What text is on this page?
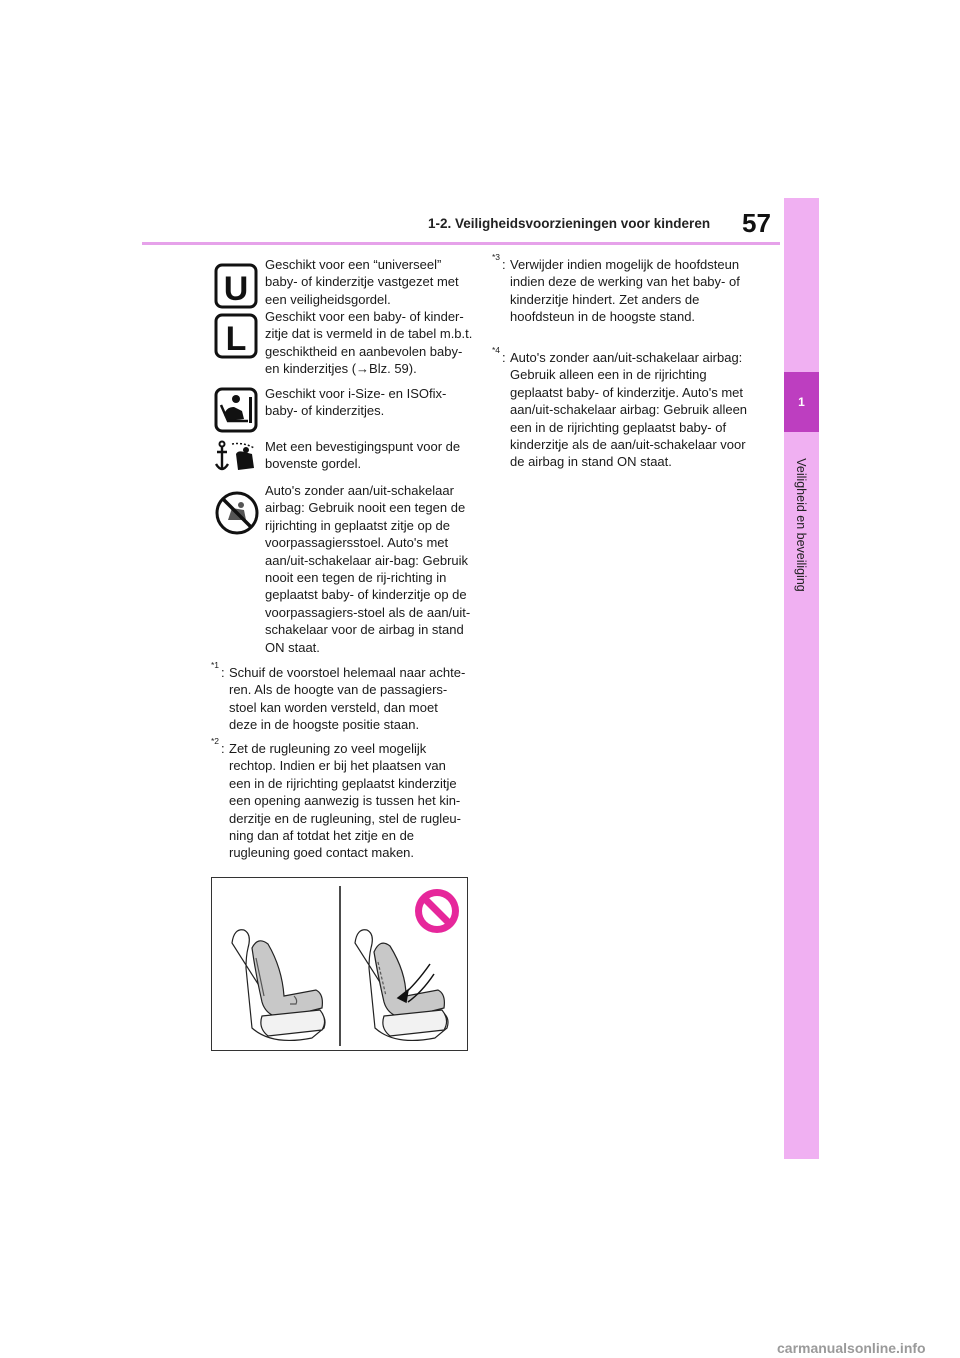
1-2. Veiligheidsvoorzieningen voor kinderen 57
1
Veiligheid en beveiliging
U
L
Geschikt voor een “universeel” baby- of kinderzitje vastgezet met een veiligheidsgordel.
Geschikt voor een baby- of kinder-zitje dat is vermeld in de tabel m.b.t. geschiktheid en aanbevolen baby- en kinderzitjes (→Blz. 59).
Geschikt voor i-Size- en ISOfix-baby- of kinderzitjes.
Met een bevestigingspunt voor de bovenste gordel.
Auto's zonder aan/uit-schakelaar airbag: Gebruik nooit een tegen de rijrichting in geplaatst zitje op de voorpassagiersstoel. Auto's met aan/uit-schakelaar air-bag: Gebruik nooit een tegen de rij-richting in geplaatst baby- of kinderzitje op de voorpassagiers-stoel als de aan/uit-schakelaar voor de airbag in stand ON staat.
*1 : Schuif de voorstoel helemaal naar achte-ren. Als de hoogte van de passagiers-stoel kan worden versteld, dan moet deze in de hoogste positie staan.
*2 : Zet de rugleuning zo veel mogelijk rechtop. Indien er bij het plaatsen van een in de rijrichting geplaatst kinderzitje een opening aanwezig is tussen het kin-derzitje en de rugleuning, stel de rugleu-ning dan af totdat het zitje en de rugleuning goed contact maken.
*3 : Verwijder indien mogelijk de hoofdsteun indien deze de werking van het baby- of kinderzitje hindert. Zet anders de hoofdsteun in de hoogste stand.
*4 : Auto's zonder aan/uit-schakelaar airbag: Gebruik alleen een in de rijrichting geplaatst baby- of kinderzitje. Auto's met aan/uit-schakelaar airbag: Gebruik alleen een in de rijrichting geplaatst baby- of kinderzitje als de aan/uit-schakelaar voor de airbag in stand ON staat.
carmanualsonline.info
